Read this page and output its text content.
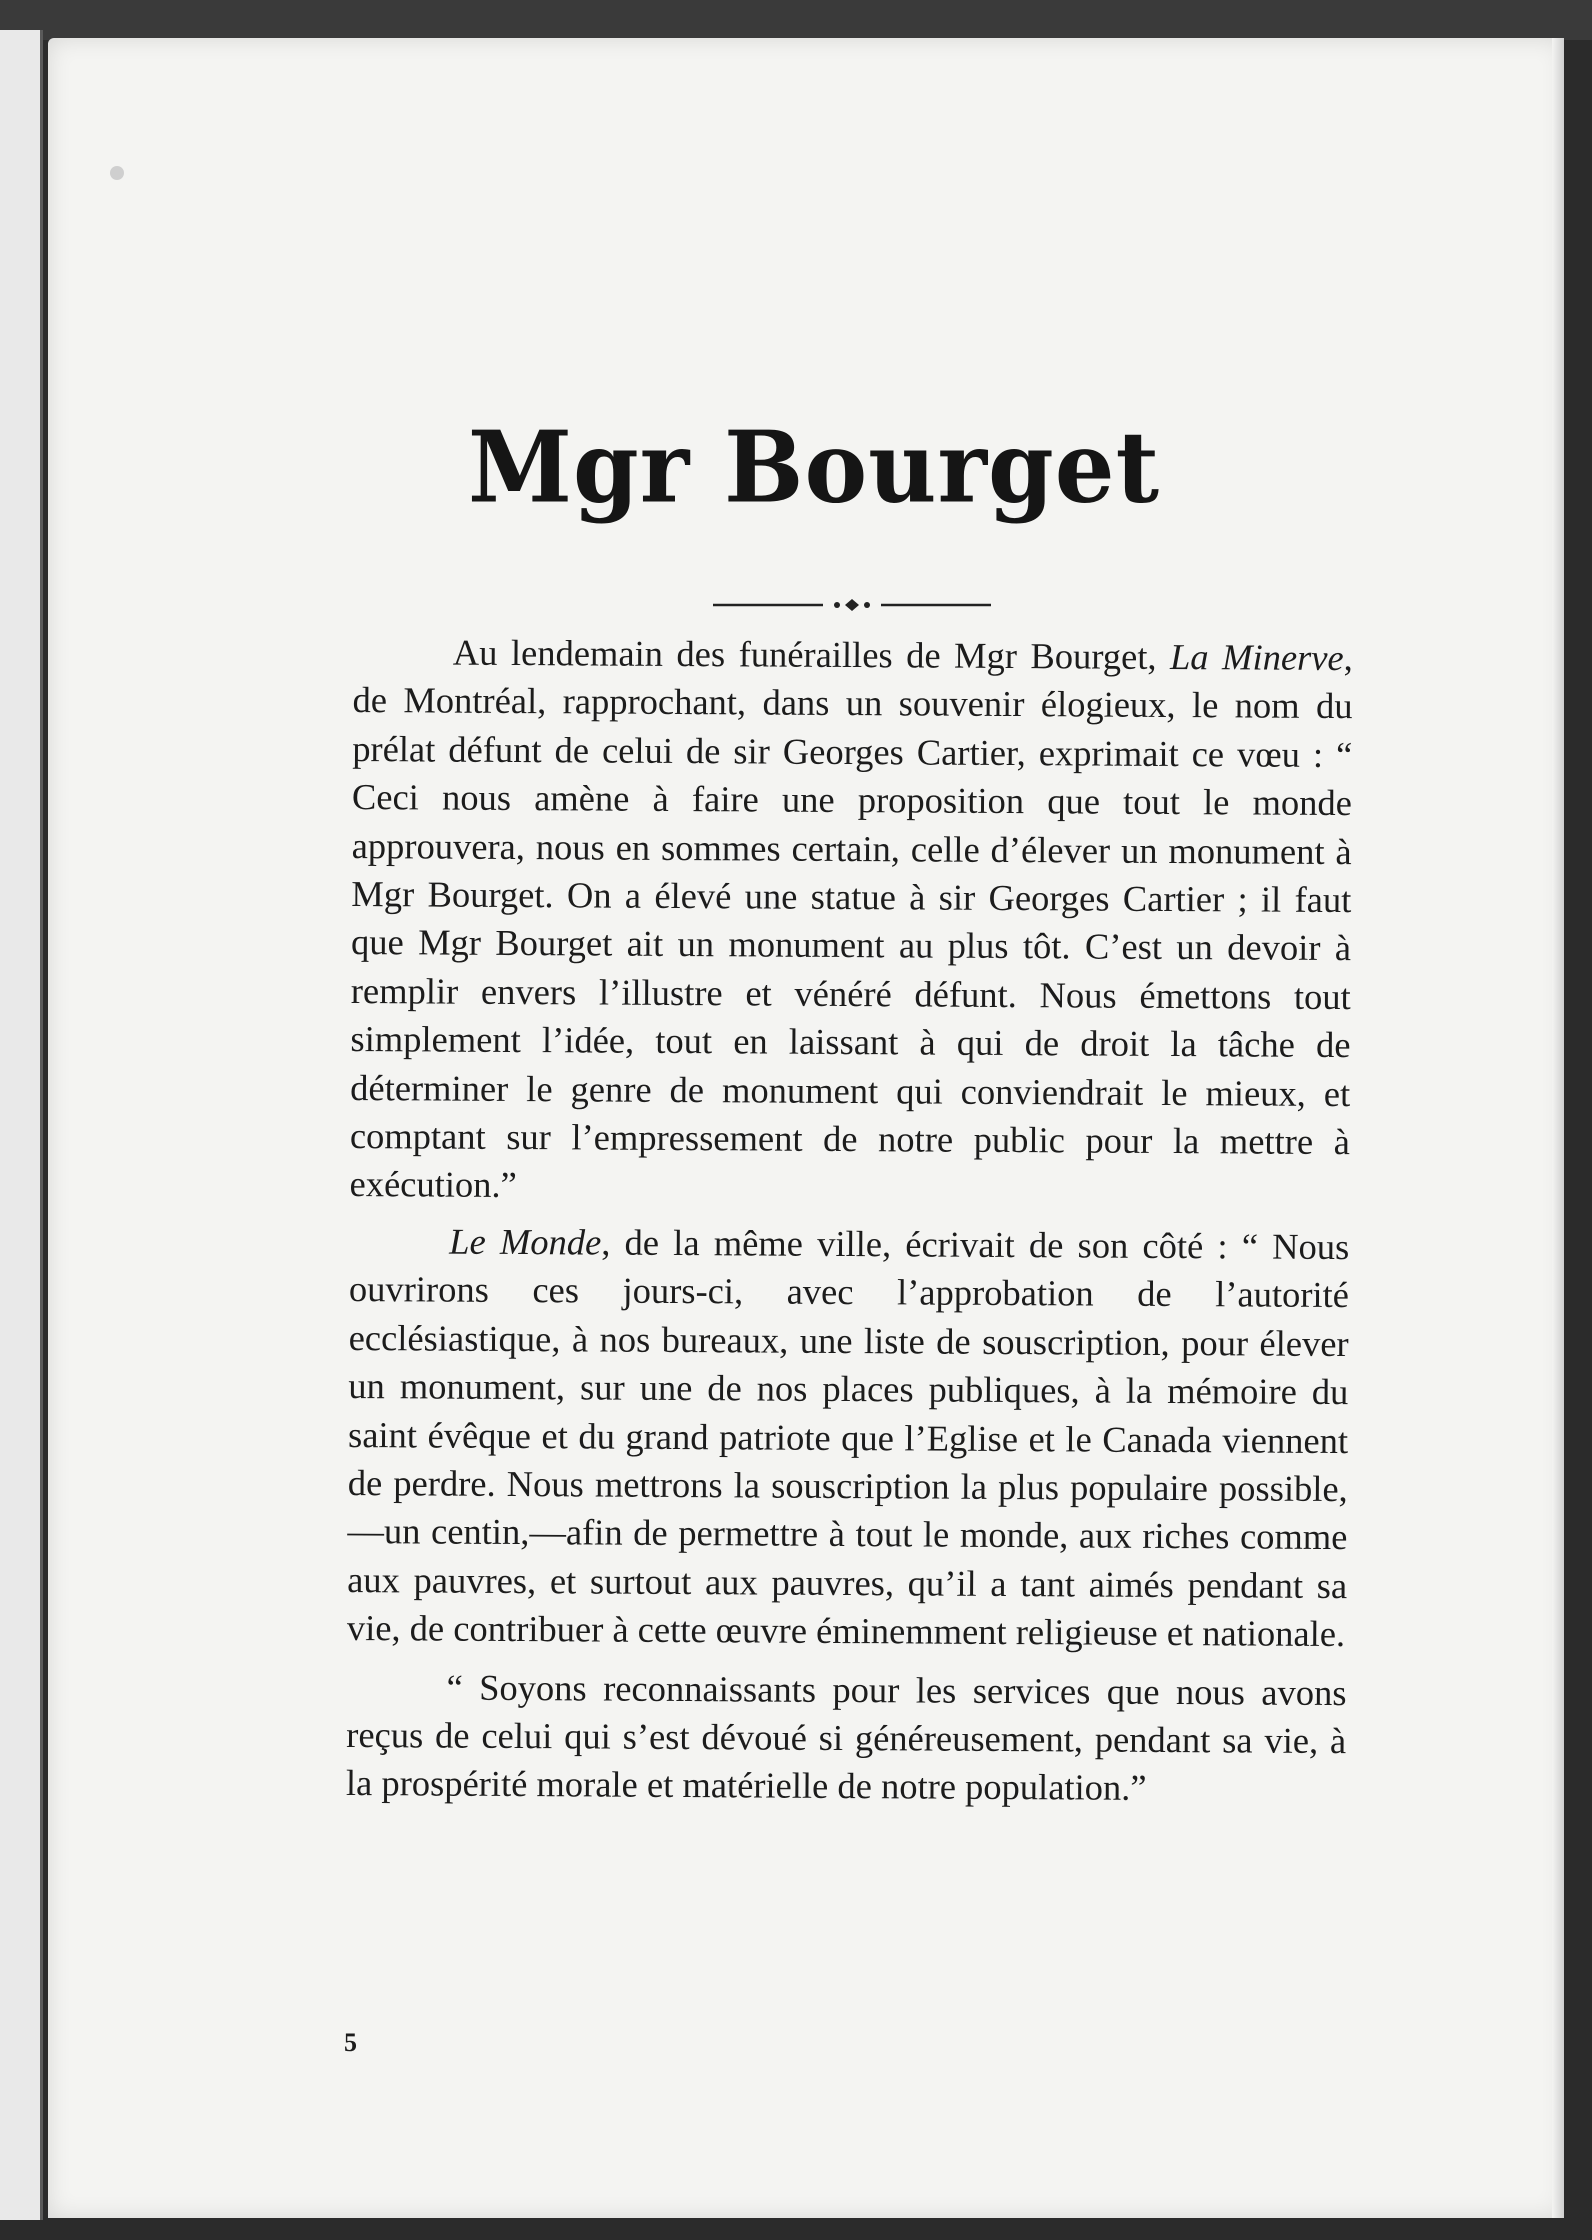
Mgr Bourget

Au lendemain des funérailles de Mgr Bourget, La Minerve, de Montréal, rapprochant, dans un souvenir élogieux, le nom du prélat défunt de celui de sir Georges Cartier, exprimait ce vœu : “ Ceci nous amène à faire une proposition que tout le monde approuvera, nous en sommes certain, celle d’élever un monument à Mgr Bourget. On a élevé une statue à sir Georges Cartier ; il faut que Mgr Bourget ait un monument au plus tôt. C’est un devoir à remplir envers l’illustre et vénéré défunt. Nous émettons tout simplement l’idée, tout en laissant à qui de droit la tâche de déterminer le genre de monument qui conviendrait le mieux, et comptant sur l’empressement de notre public pour la mettre à exécution.”

Le Monde, de la même ville, écrivait de son côté : “ Nous ouvrirons ces jours-ci, avec l’approbation de l’autorité ecclésiastique, à nos bureaux, une liste de souscription, pour élever un monument, sur une de nos places publiques, à la mémoire du saint évêque et du grand patriote que l’Eglise et le Canada viennent de perdre. Nous mettrons la souscription la plus populaire possible, —un centin,—afin de permettre à tout le monde, aux riches comme aux pauvres, et surtout aux pauvres, qu’il a tant aimés pendant sa vie, de contribuer à cette œuvre éminemment religieuse et nationale.

“ Soyons reconnaissants pour les services que nous avons reçus de celui qui s’est dévoué si généreusement, pendant sa vie, à la prospérité morale et matérielle de notre population.”

5
